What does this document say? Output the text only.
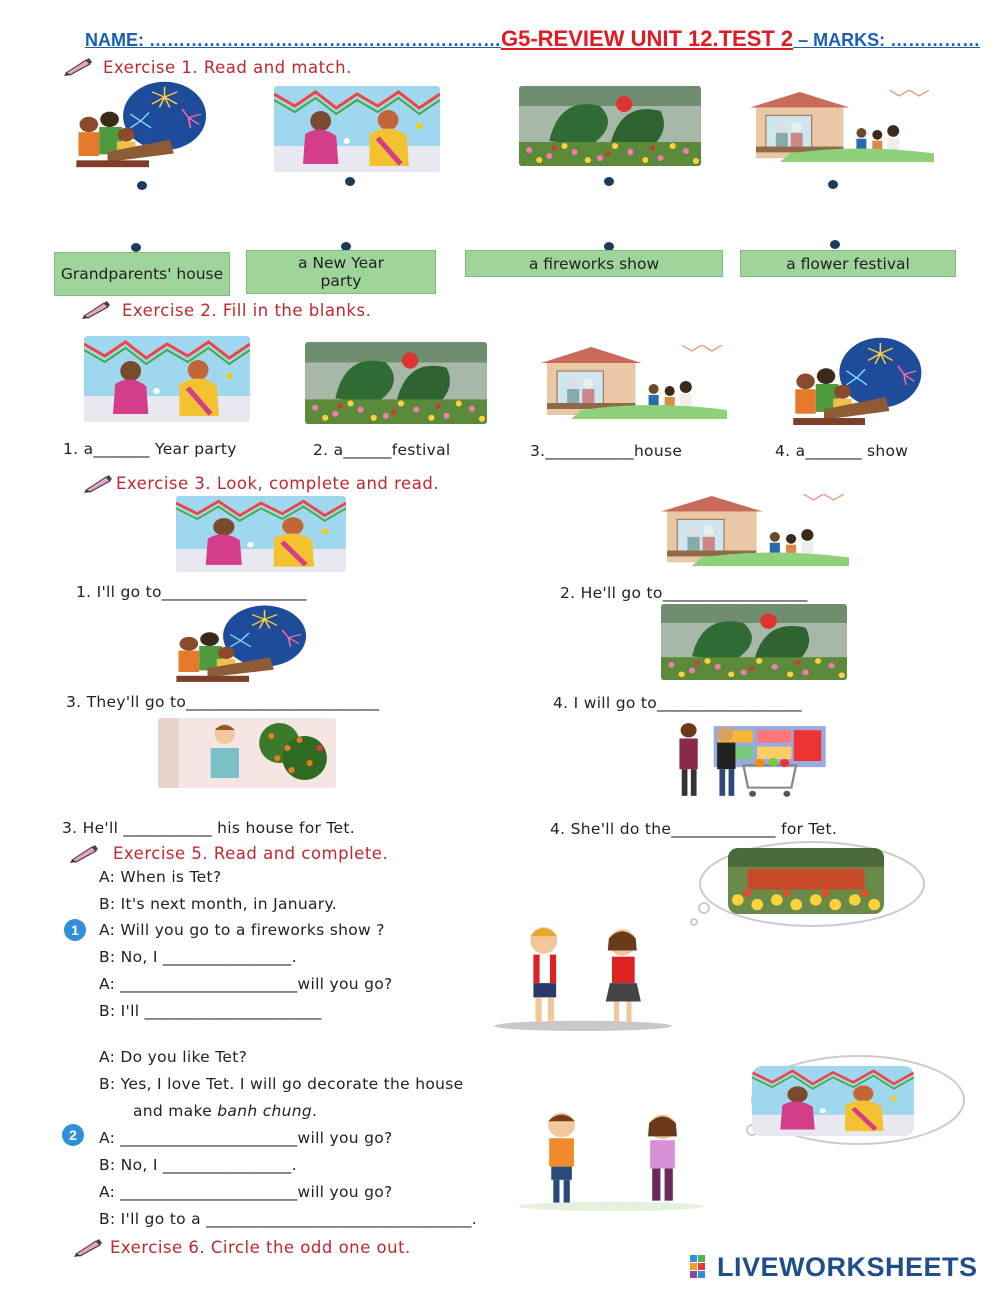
NAME: ……………………………..……………………G5-REVIEW UNIT 12.TEST 2 – MARKS: ……………
Exercise 1. Read and match.
Grandparents' house
a New Year party
a fireworks show	a flower festival
Exercise 2. Fill in the blanks.
1. a_______ Year party	2. a______festival	3.___________house	4. a_______ show
Exercise 3. Look, complete and read.
1. I'll go to__________________	2. He'll go to__________________
3. They'll go to________________________	4. I will go to__________________
3. He'll ___________ his house for Tet.	4. She'll do the_____________ for Tet.
Exercise 5. Read and complete.
A: When is Tet?
B: It's next month, in January.
1	A: Will you go to a fireworks show ?
B: No, I ________________.
A: ______________________will you go?
B: I'll ______________________
A: Do you like Tet?
B: Yes, I love Tet. I will go decorate the house
and make banh chung.
2	A: ______________________will you go?
B: No, I ________________.
A: ______________________will you go?
B: I'll go to a _________________________________.
Exercise 6. Circle the odd one out.
LIVEWORKSHEETS
